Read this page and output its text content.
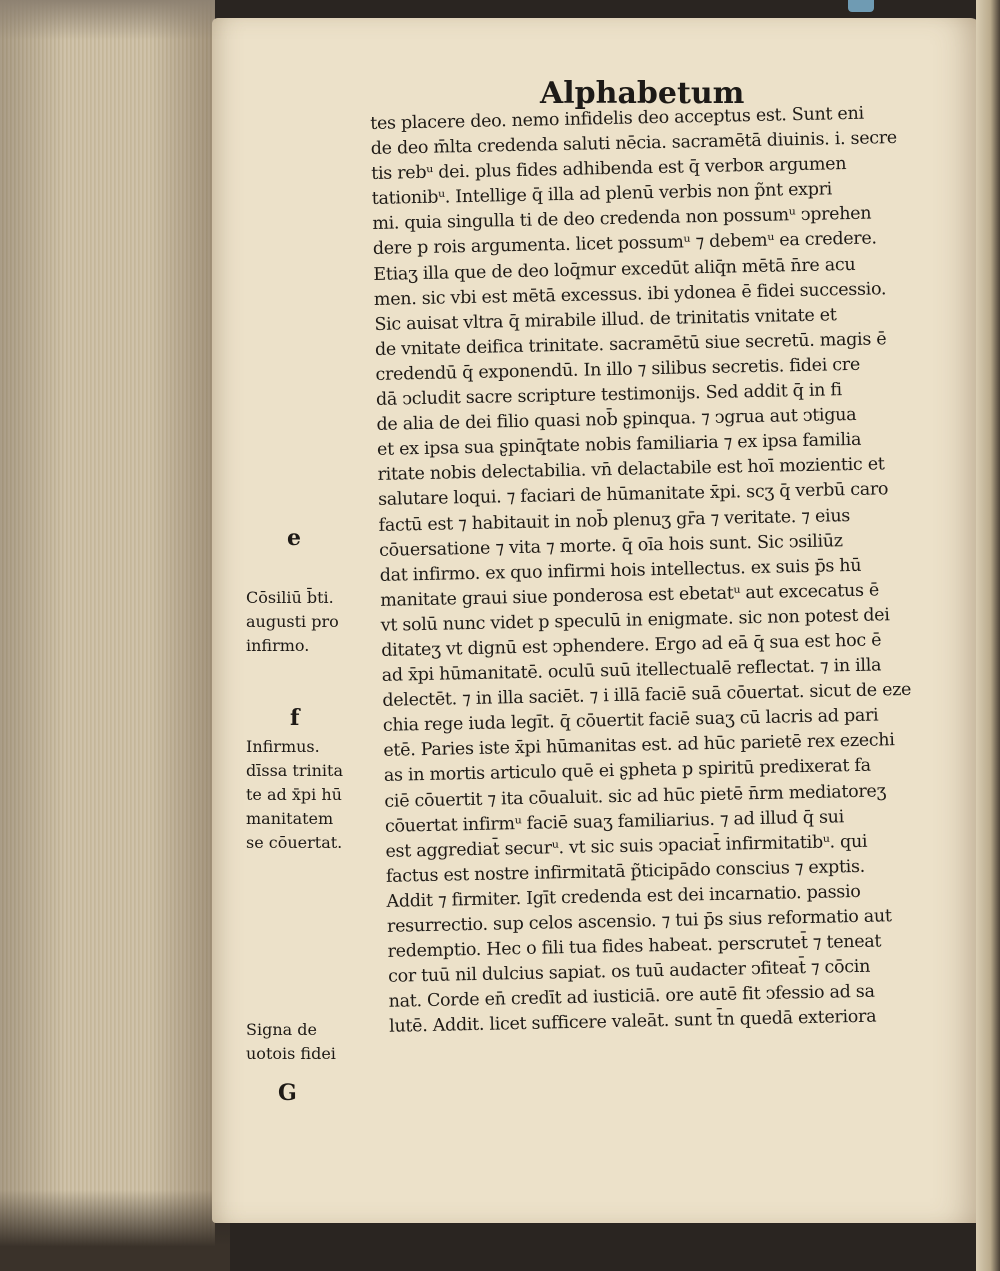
Alphabetum
tes placere deo. nemo infidelis deo acceptus est. Sunt eni
de deo m̄lta credenda saluti nēcia. sacramētā diuinis. i. secre
tis rebᵘ dei. plus fides adhibenda est q̄ verboʀ argumen
tationibᵘ. Intellige q̄ illa ad plenū verbis non p̃nt expri
mi. quia singulla ti de deo credenda non possumᵘ ↄprehen
dere p rois argumenta. licet possumᵘ ⁊ debemᵘ ea credere.
Etiaʒ illa que de deo loq̄mur excedūt aliq̄n mētā n̄re acu
men. sic vbi est mētā excessus. ibi ydonea ē fidei successio.
Sic auisat vltra q̄ mirabile illud. de trinitatis vnitate et
de vnitate deifica trinitate. sacramētū siue secretū. magis ē
credendū q̄ exponendū. In illo ⁊ silibus secretis. fidei cre
dā ↄcludit sacre scripture testimonijs. Sed addit q̄ in fi
de alia de dei filio quasi nob̄ ʂpinqua. ⁊ ↄgrua aut ↄtigua
et ex ipsa sua ʂpinq̄tate nobis familiaria ⁊ ex ipsa familia
ritate nobis delectabilia. vn̄ delactabile est hoī mozientic et
salutare loqui. ⁊ faciari de hūmanitate x̄pi. scʒ q̄ verbū caro
factū est ⁊ habitauit in nob̄ plenuʒ gr̄a ⁊ veritate. ⁊ eius
cōuersatione ⁊ vita ⁊ morte. q̄ oīa hois sunt. Sic ↄsiliūz
dat infirmo. ex quo infirmi hois intellectus. ex suis p̄s hū
manitate graui siue ponderosa est ebetatᵘ aut excecatus ē
vt solū nunc videt p speculū in enigmate. sic non potest dei
ditateʒ vt dignū est ↄphendere. Ergo ad eā q̄ sua est hoc ē
ad x̄pi hūmanitatē. oculū suū itellectualē reflectat. ⁊ in illa
delectēt. ⁊ in illa saciēt. ⁊ i illā faciē suā cōuertat. sicut de eze
chia rege iuda legīt. q̄ cōuertit faciē suaʒ cū lacris ad pari
etē. Paries iste x̄pi hūmanitas est. ad hūc parietē rex ezechi
as in mortis articulo quē ei ʂpheta p spiritū predixerat fa
ciē cōuertit ⁊ ita cōualuit. sic ad hūc pietē n̄rm mediatoreʒ
cōuertat infirmᵘ faciē suaʒ familiarius. ⁊ ad illud q̄ sui
est aggrediat̄ securᵘ. vt sic suis ↄpaciat̄ infirmitatibᵘ. qui
factus est nostre infirmitatā p̃ticipādo conscius ⁊ exptis.
Addit ⁊ firmiter. Igīt credenda est dei incarnatio. passio
resurrectio. sup celos ascensio. ⁊ tui p̄s sius reformatio aut
redemptio. Hec o fili tua fides habeat. perscrutet̄ ⁊ teneat
cor tuū nil dulcius sapiat. os tuū audacter ↄfiteat̄ ⁊ cōcin
nat. Corde en̄ credīt ad iusticiā. ore autē fit ↄfessio ad sa
lutē. Addit. licet sufficere valeāt. sunt t̄n quedā exteriora
e
f
G
Cōsiliū b̄ti.
augusti pro
infirmo.
Infirmus.
dīssa trinita
te ad x̄pi hū
manitatem
se cōuertat.
Signa de
uotois fidei
